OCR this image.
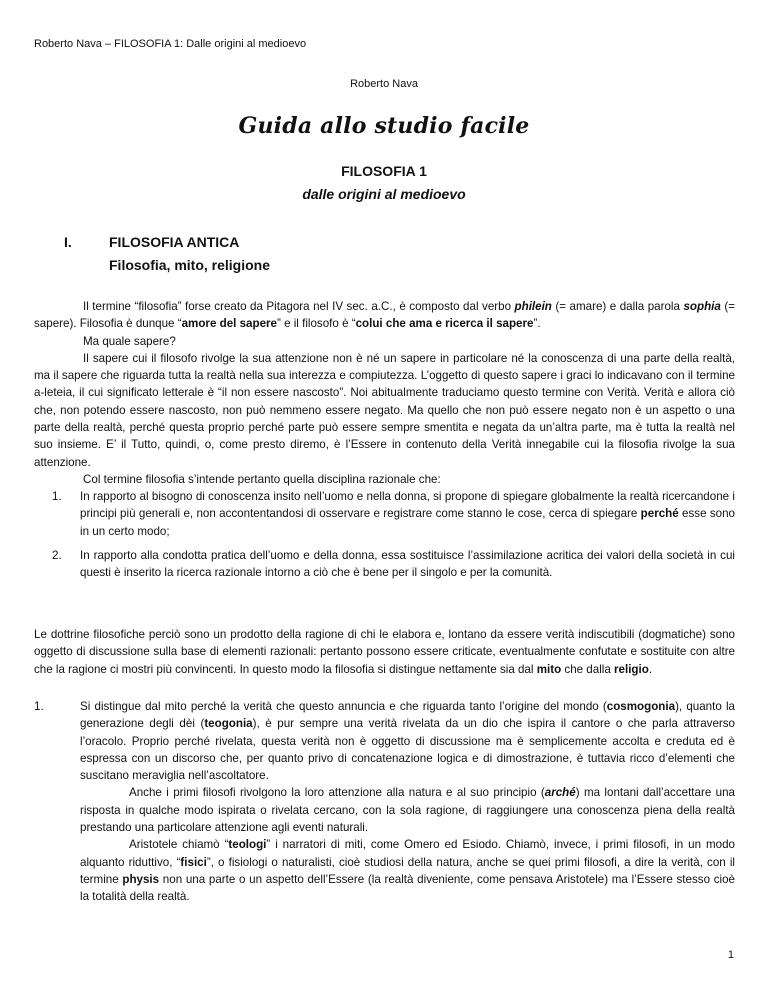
Roberto Nava – FILOSOFIA 1: Dalle origini al medioevo
Roberto Nava
Guida allo studio facile
FILOSOFIA 1
dalle origini al medioevo
I.	FILOSOFIA ANTICA
Filosofia, mito, religione

Il termine “filosofia” forse creato da Pitagora nel IV sec. a.C., è composto dal verbo philein (= amare) e dalla parola sophia (= sapere). Filosofia è dunque “amore del sapere” e il filosofo è “colui che ama e ricerca il sapere”.

Ma quale sapere?

Il sapere cui il filosofo rivolge la sua attenzione non è né un sapere in particolare né la conoscenza di una parte della realtà, ma il sapere che riguarda tutta la realtà nella sua interezza e compiutezza. L’oggetto di questo sapere i graci lo indicavano con il termine a-leteia, il cui significato letterale è “il non essere nascosto”. Noi abitualmente traduciamo questo termine con Verità. Verità e allora ciò che, non potendo essere nascosto, non può nemmeno essere negato. Ma quello che non può essere negato non è un aspetto o una parte della realtà, perché questa proprio perché parte può essere sempre smentita e negata da un’altra parte, ma è tutta la realtà nel suo insieme. E’ il Tutto, quindi, o, come presto diremo, è l’Essere in contenuto della Verità innegabile cui la filosofia rivolge la sua attenzione.

Col termine filosofia s’intende pertanto quella disciplina razionale che:

1. In rapporto al bisogno di conoscenza insito nell’uomo e nella donna, si propone di spiegare globalmente la realtà ricercandone i principi più generali e, non accontentandosi di osservare e registrare come stanno le cose, cerca di spiegare perché esse sono in un certo modo;

2. In rapporto alla condotta pratica dell’uomo e della donna, essa sostituisce l’assimilazione acritica dei valori della società in cui questi è inserito la ricerca razionale intorno a ciò che è bene per il singolo e per la comunità.

Le dottrine filosofiche perciò sono un prodotto della ragione di chi le elabora e, lontano da essere verità indiscutibili (dogmatiche) sono oggetto di discussione sulla base di elementi razionali: pertanto possono essere criticate, eventualmente confutate e sostituite con altre che la ragione ci mostri più convincenti. In questo modo la filosofia si distingue nettamente sia dal mito che dalla religio.

1.	Si distingue dal mito perché la verità che questo annuncia e che riguarda tanto l’origine del mondo (cosmogonia), quanto la generazione degli dèi (teogonia), è pur sempre una verità rivelata da un dio che ispira il cantore o che parla attraverso l’oracolo. Proprio perché rivelata, questa verità non è oggetto di discussione ma è semplicemente accolta e creduta ed è espressa con un discorso che, per quanto privo di concatenazione logica e di dimostrazione, è tuttavia ricco d’elementi che suscitano meraviglia nell’ascoltatore.

Anche i primi filosofi rivolgono la loro attenzione alla natura e al suo principio (arché) ma lontani dall’accettare una risposta in qualche modo ispirata o rivelata cercano, con la sola ragione, di raggiungere una conoscenza piena della realtà prestando una particolare attenzione agli eventi naturali.

Aristotele chiamò “teologi” i narratori di miti, come Omero ed Esiodo. Chiamò, invece, i primi filosofi, in un modo alquanto riduttivo, “fisici”, o fisiologi o naturalisti, cioè studiosi della natura, anche se quei primi filosofi, a dire la verità, con il termine physis non una parte o un aspetto dell’Essere (la realtà diveniente, come pensava Aristotele) ma l’Essere stesso cioè la totalità della realtà.

1
